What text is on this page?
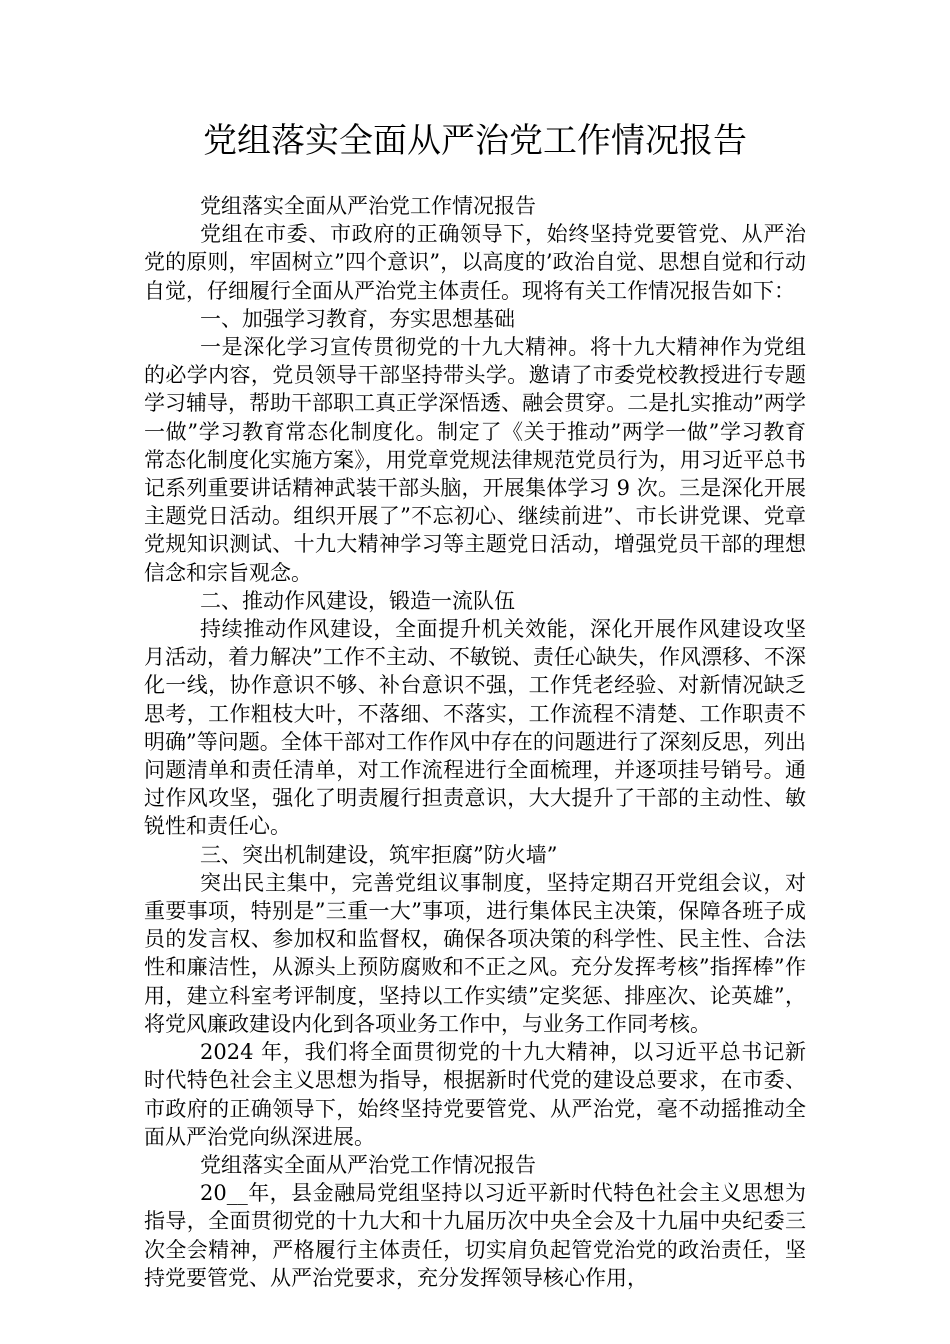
党组落实全面从严治党工作情况报告

党组落实全面从严治党工作情况报告

党组在市委、市政府的正确领导下，始终坚持党要管党、从严治党的原则，牢固树立”四个意识”，以高度的’政治自觉、思想自觉和行动自觉，仔细履行全面从严治党主体责任。现将有关工作情况报告如下：

一、加强学习教育，夯实思想基础

一是深化学习宣传贯彻党的十九大精神。将十九大精神作为党组的必学内容，党员领导干部坚持带头学。邀请了市委党校教授进行专题学习辅导，帮助干部职工真正学深悟透、融会贯穿。二是扎实推动”两学一做”学习教育常态化制度化。制定了《关于推动”两学一做”学习教育常态化制度化实施方案》，用党章党规法律规范党员行为，用习近平总书记系列重要讲话精神武装干部头脑，开展集体学习 9 次。三是深化开展主题党日活动。组织开展了”不忘初心、继续前进”、市长讲党课、党章党规知识测试、十九大精神学习等主题党日活动，增强党员干部的理想信念和宗旨观念。

二、推动作风建设，锻造一流队伍

持续推动作风建设，全面提升机关效能，深化开展作风建设攻坚月活动，着力解决”工作不主动、不敏锐、责任心缺失，作风漂移、不深化一线，协作意识不够、补台意识不强，工作凭老经验、对新情况缺乏思考，工作粗枝大叶，不落细、不落实，工作流程不清楚、工作职责不明确”等问题。全体干部对工作作风中存在的问题进行了深刻反思，列出问题清单和责任清单，对工作流程进行全面梳理，并逐项挂号销号。通过作风攻坚，强化了明责履行担责意识，大大提升了干部的主动性、敏锐性和责任心。

三、突出机制建设，筑牢拒腐”防火墙”

突出民主集中，完善党组议事制度，坚持定期召开党组会议，对重要事项，特别是”三重一大”事项，进行集体民主决策，保障各班子成员的发言权、参加权和监督权，确保各项决策的科学性、民主性、合法性和廉洁性，从源头上预防腐败和不正之风。充分发挥考核”指挥棒”作用，建立科室考评制度，坚持以工作实绩”定奖惩、排座次、论英雄”，将党风廉政建设内化到各项业务工作中，与业务工作同考核。

2024 年，我们将全面贯彻党的十九大精神，以习近平总书记新时代特色社会主义思想为指导，根据新时代党的建设总要求，在市委、市政府的正确领导下，始终坚持党要管党、从严治党，毫不动摇推动全面从严治党向纵深进展。

党组落实全面从严治党工作情况报告

20__年，县金融局党组坚持以习近平新时代特色社会主义思想为指导，全面贯彻党的十九大和十九届历次中央全会及十九届中央纪委三次全会精神，严格履行主体责任，切实肩负起管党治党的政治责任，坚持党要管党、从严治党要求，充分发挥领导核心作用，
